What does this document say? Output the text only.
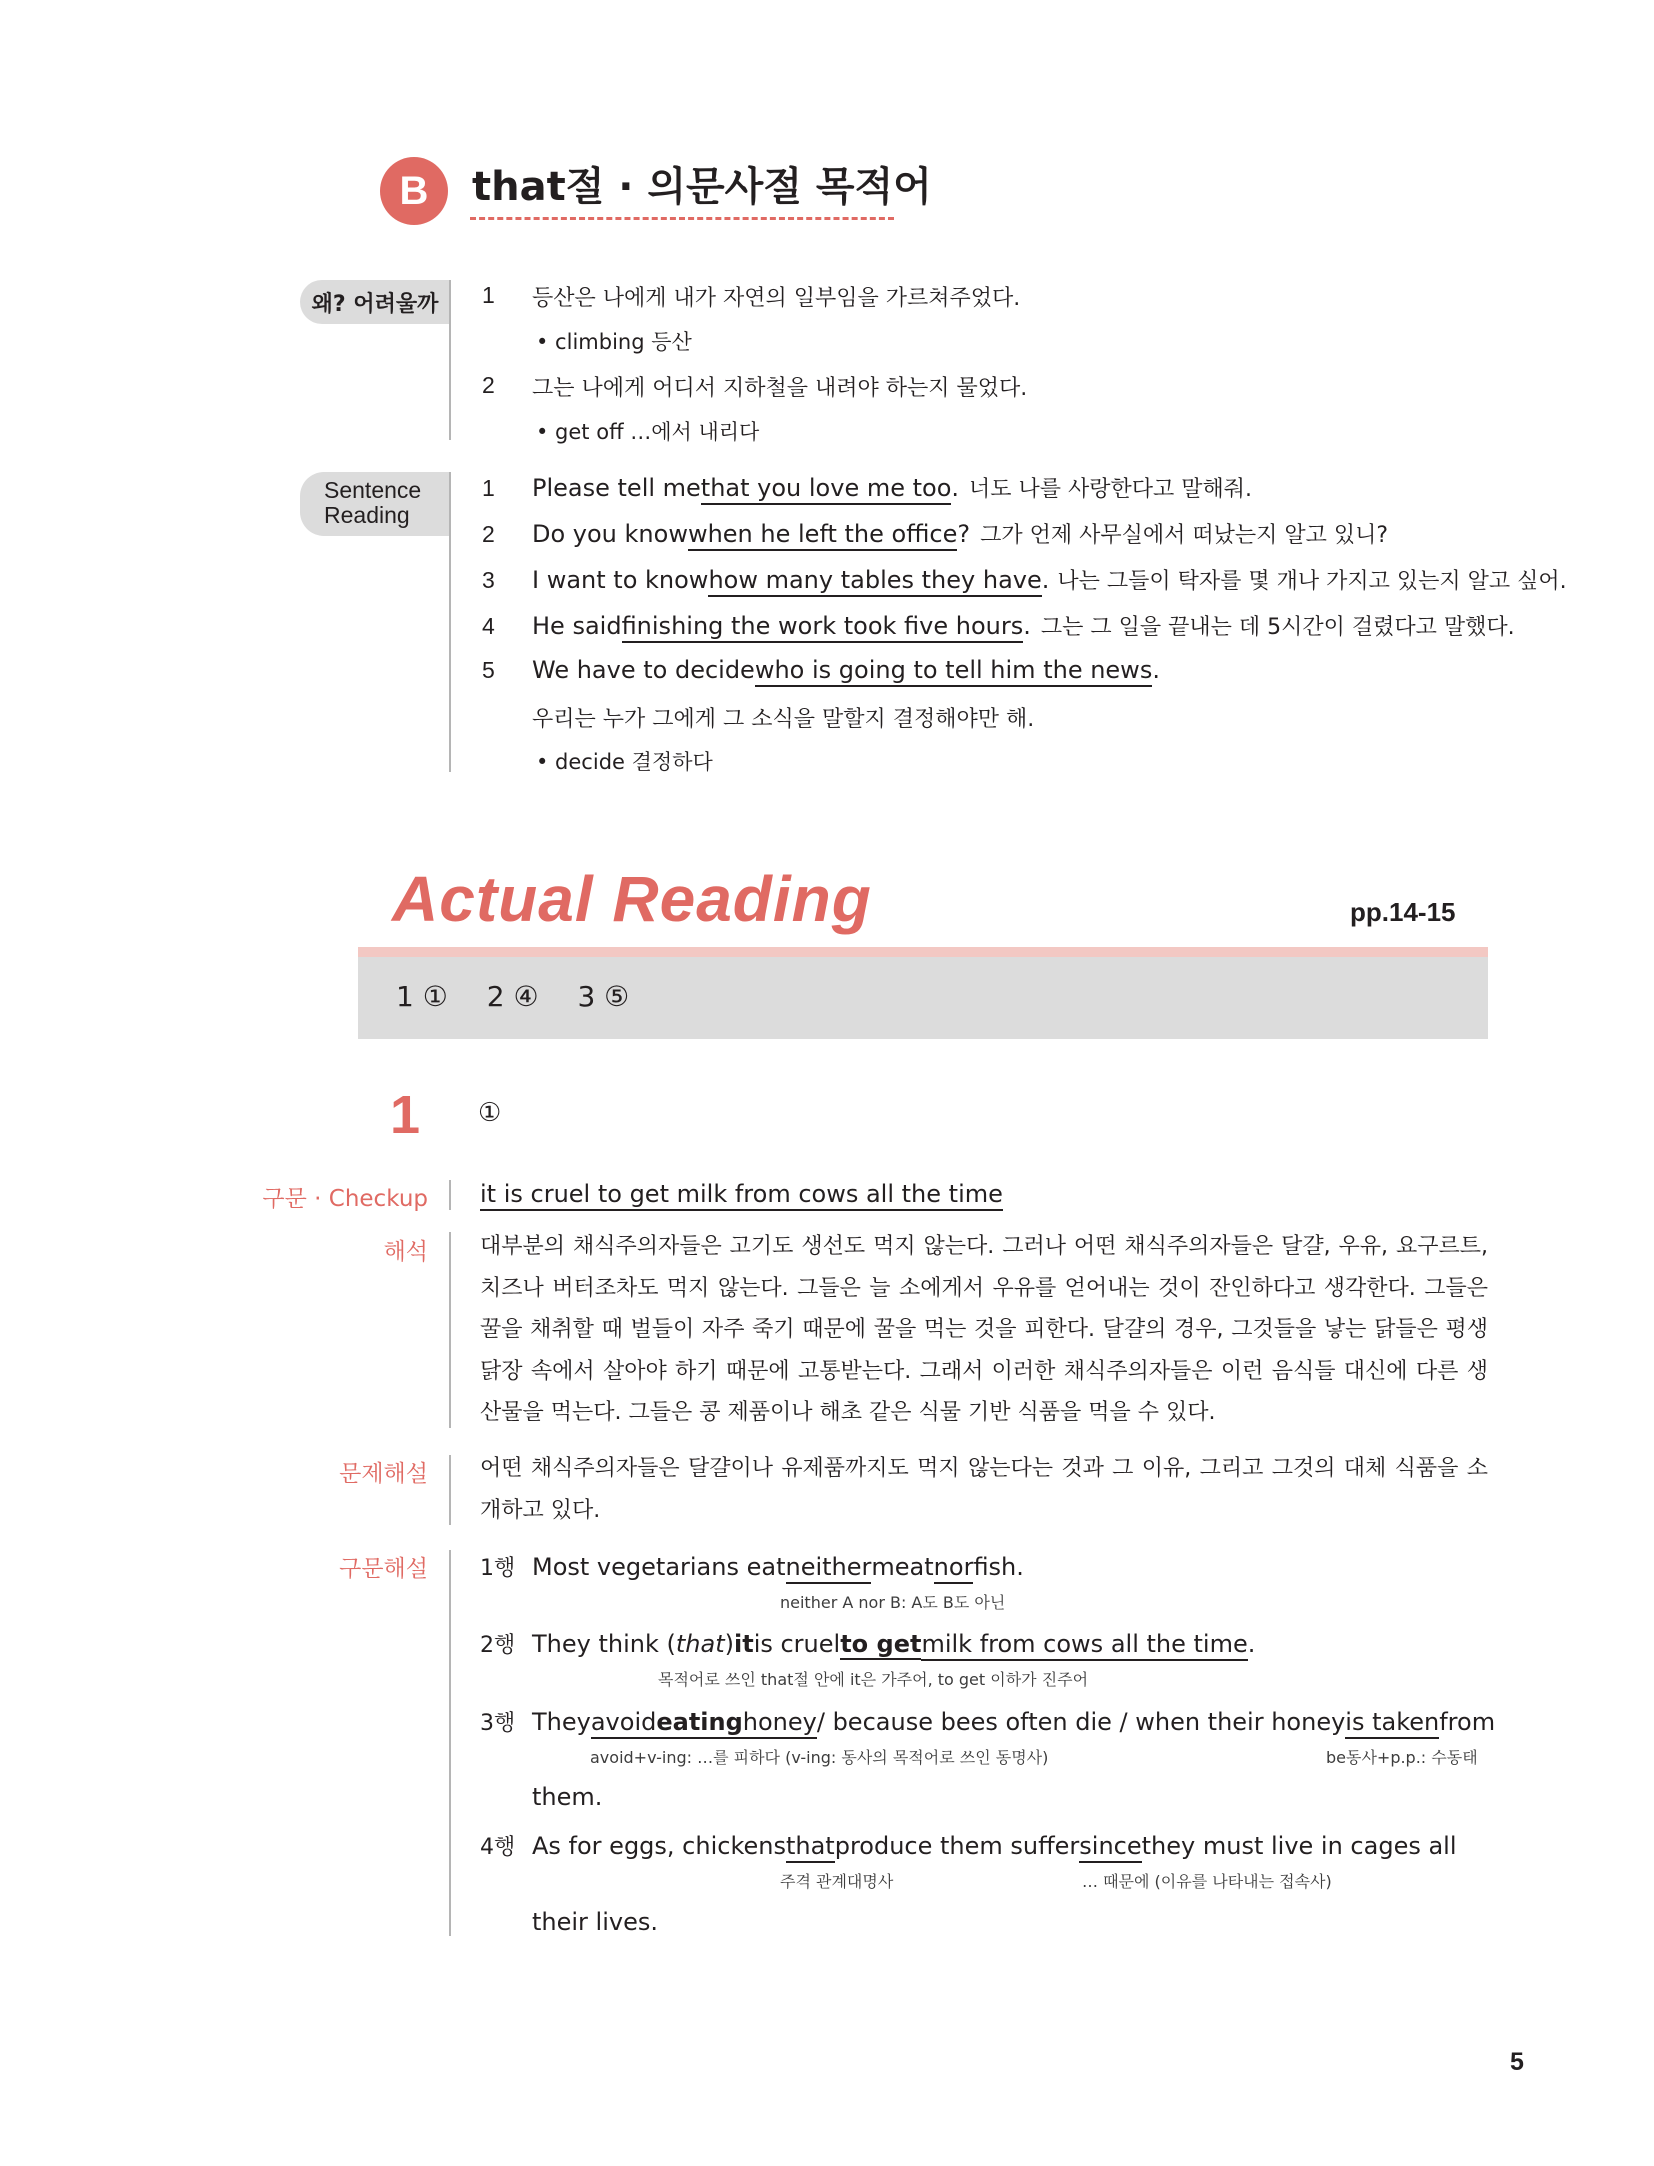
B	that절 · 의문사절 목적어
왜? 어려울까	1 등산은 나에게 내가 자연의 일부임을 가르쳐주었다.
• climbing 등산
2 그는 나에게 어디서 지하철을 내려야 하는지 물었다.
• get off …에서 내리다
Sentence
Reading
1	Please tell me that you love me too . 너도 나를 사랑한다고 말해줘.
2	Do you know when he left the office ? 그가 언제 사무실에서 떠났는지 알고 있니?
3	I want to know how many tables they have . 나는 그들이 탁자를 몇 개나 가지고 있는지 알고 싶어.
4	He said finishing the work took five hours . 그는 그 일을 끝내는 데 5시간이 걸렸다고 말했다.
5	We have to decide who is going to tell him the news .
우리는 누가 그에게 그 소식을 말할지 결정해야만 해.
• decide 결정하다
Actual Reading	pp.14-15
1 ① 2 ④ 3 ⑤
1 ①
구문 · Checkup it is cruel to get milk from cows all the time
해석 대부분의 채식주의자들은 고기도 생선도 먹지 않는다. 그러나 어떤 채식주의자들은 달걀, 우유, 요구르트, 치즈나 버터조차도 먹지 않는다. 그들은 늘 소에게서 우유를 얻어내는 것이 잔인하다고 생각한다. 그들은 꿀을 채취할 때 벌들이 자주 죽기 때문에 꿀을 먹는 것을 피한다. 달걀의 경우, 그것들을 낳는 닭들은 평생 닭장 속에서 살아야 하기 때문에 고통받는다. 그래서 이러한 채식주의자들은 이런 음식들 대신에 다른 생산물을 먹는다. 그들은 콩 제품이나 해초 같은 식물 기반 식품을 먹을 수 있다.
문제해설 어떤 채식주의자들은 달걀이나 유제품까지도 먹지 않는다는 것과 그 이유, 그리고 그것의 대체 식품을 소개하고 있다.
구문해설 1행 Most vegetarians eat neither meat nor fish.
neither A nor B: A도 B도 아닌
2행 They think ( that ) it is cruel to get milk from cows all the time .
목적어로 쓰인 that절 안에 it은 가주어, to get 이하가 진주어
3행 They avoid eating honey / because bees often die / when their honey is taken from
avoid+v-ing: …를 피하다 (v-ing: 동사의 목적어로 쓰인 동명사)	be동사+p.p.: 수동태
them.
4행 As for eggs, chickens that produce them suffer since they must live in cages all
주격 관계대명사	… 때문에 (이유를 나타내는 접속사)
their lives.
5
